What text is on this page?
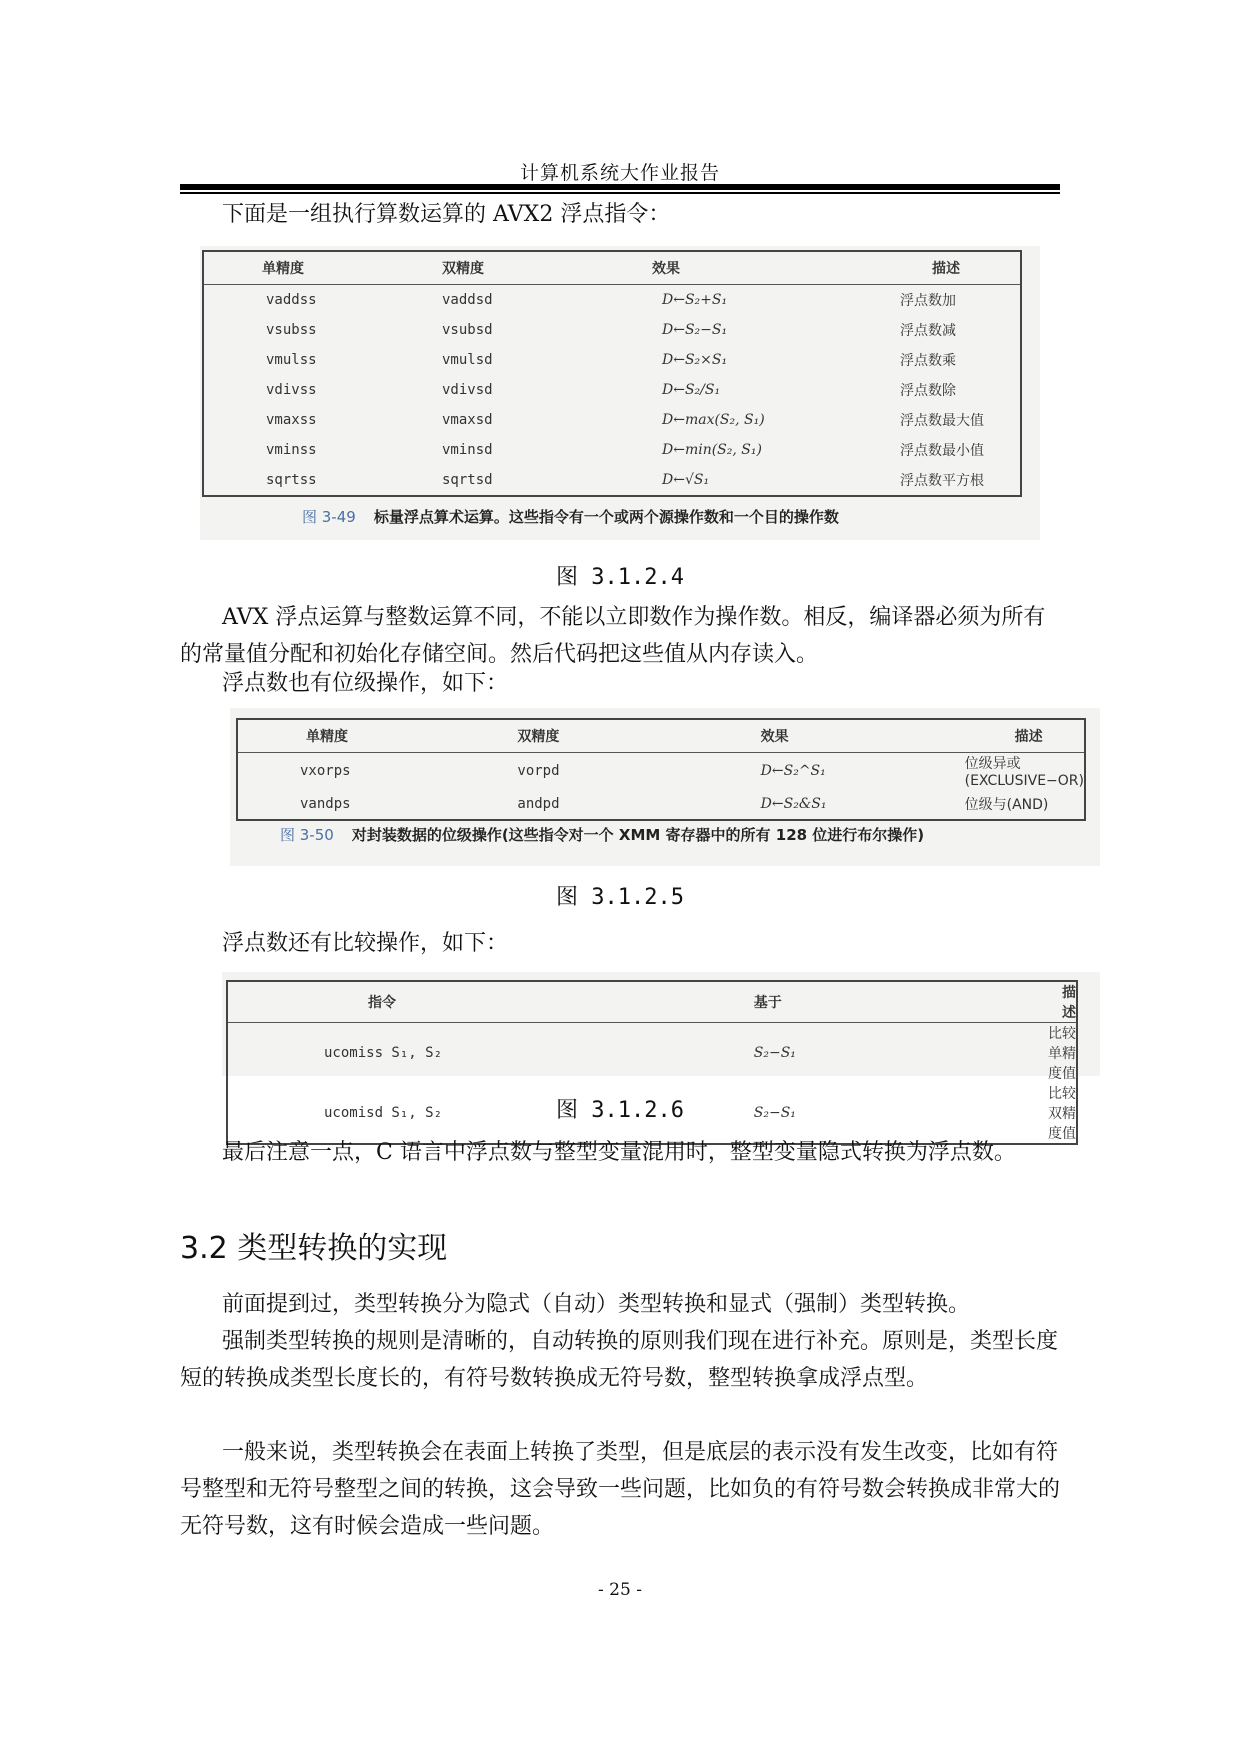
计算机系统大作业报告

下面是一组执行算数运算的 AVX2 浮点指令：

单精度	双精度	效果	描述
vaddss	vaddsd	D←S₂+S₁	浮点数加
vsubss	vsubsd	D←S₂−S₁	浮点数减
vmulss	vmulsd	D←S₂×S₁	浮点数乘
vdivss	vdivsd	D←S₂/S₁	浮点数除
vmaxss	vmaxsd	D←max(S₂, S₁)	浮点数最大值
vminss	vminsd	D←min(S₂, S₁)	浮点数最小值
sqrtss	sqrtsd	D←√S₁	浮点数平方根
图 3-49 标量浮点算术运算。这些指令有一个或两个源操作数和一个目的操作数
图 3.1.2.4

AVX 浮点运算与整数运算不同，不能以立即数作为操作数。相反，编译器必须为所有的常量值分配和初始化存储空间。然后代码把这些值从内存读入。

浮点数也有位级操作，如下：

单精度	双精度	效果	描述
vxorps	vorpd	D←S₂^S₁	位级异或(EXCLUSIVE−OR)
vandps	andpd	D←S₂&S₁	位级与(AND)
图 3-50 对封装数据的位级操作(这些指令对一个 XMM 寄存器中的所有 128 位进行布尔操作)
图 3.1.2.5

浮点数还有比较操作，如下：

指令	基于	描述
ucomiss S₁, S₂	S₂−S₁	比较单精度值
ucomisd S₁, S₂	S₂−S₁	比较双精度值
图 3.1.2.6

最后注意一点，C 语言中浮点数与整型变量混用时，整型变量隐式转换为浮点数。

3.2 类型转换的实现

前面提到过，类型转换分为隐式（自动）类型转换和显式（强制）类型转换。

强制类型转换的规则是清晰的，自动转换的原则我们现在进行补充。原则是，类型长度短的转换成类型长度长的，有符号数转换成无符号数，整型转换拿成浮点型。

一般来说，类型转换会在表面上转换了类型，但是底层的表示没有发生改变，比如有符号整型和无符号整型之间的转换，这会导致一些问题，比如负的有符号数会转换成非常大的无符号数，这有时候会造成一些问题。

- 25 -
